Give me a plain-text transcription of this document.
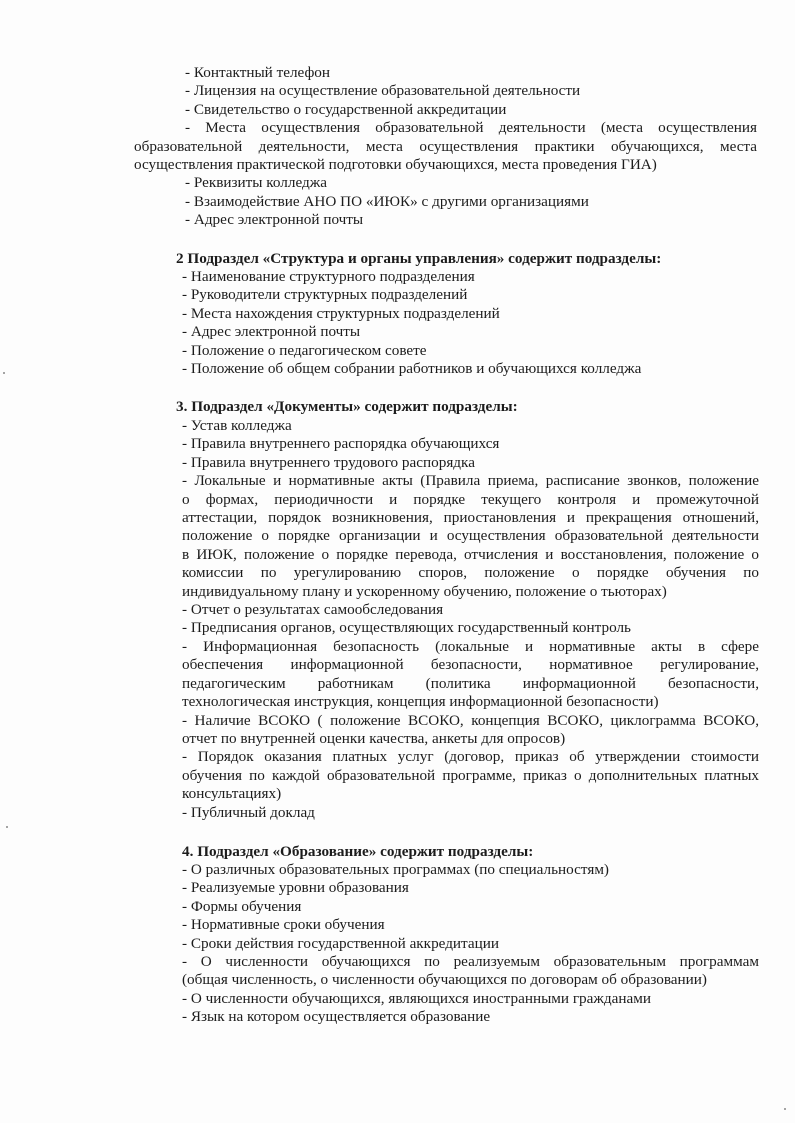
- Контактный телефон
- Лицензия на осуществление образовательной деятельности
- Свидетельство о государственной аккредитации
- Места осуществления образовательной деятельности (места осуществления
образовательной деятельности, места осуществления практики обучающихся, места
осуществления практической подготовки обучающихся, места проведения ГИА)
- Реквизиты колледжа
- Взаимодействие АНО ПО «ИЮК» с другими организациями
- Адрес электронной почты
2 Подраздел «Структура и органы управления» содержит подразделы:
- Наименование структурного подразделения
- Руководители структурных подразделений
- Места нахождения структурных подразделений
- Адрес электронной почты
- Положение о педагогическом совете
- Положение об общем собрании работников и обучающихся колледжа
3. Подраздел «Документы» содержит подразделы:
- Устав колледжа
- Правила внутреннего распорядка обучающихся
- Правила внутреннего трудового распорядка
- Локальные и нормативные акты (Правила приема, расписание звонков, положение
о формах, периодичности и порядке текущего контроля и промежуточной
аттестации, порядок возникновения, приостановления и прекращения отношений,
положение о порядке организации и осуществления образовательной деятельности
в ИЮК, положение о порядке перевода, отчисления и восстановления, положение о
комиссии по урегулированию споров, положение о порядке обучения по
индивидуальному плану и ускоренному обучению, положение о тьюторах)
- Отчет о результатах самообследования
- Предписания органов, осуществляющих государственный контроль
- Информационная безопасность (локальные и нормативные акты в сфере
обеспечения информационной безопасности, нормативное регулирование,
педагогическим работникам (политика информационной безопасности,
технологическая инструкция, концепция информационной безопасности)
- Наличие ВСОКО ( положение ВСОКО, концепция ВСОКО, циклограмма ВСОКО,
отчет по внутренней оценки качества, анкеты для опросов)
- Порядок оказания платных услуг (договор, приказ об утверждении стоимости
обучения по каждой образовательной программе, приказ о дополнительных платных
консультациях)
- Публичный доклад
4. Подраздел «Образование» содержит подразделы:
- О различных образовательных программах (по специальностям)
- Реализуемые уровни образования
- Формы обучения
- Нормативные сроки обучения
- Сроки действия государственной аккредитации
- О численности обучающихся по реализуемым образовательным программам
(общая численность, о численности обучающихся по договорам об образовании)
- О численности обучающихся, являющихся иностранными гражданами
- Язык на котором осуществляется образование
